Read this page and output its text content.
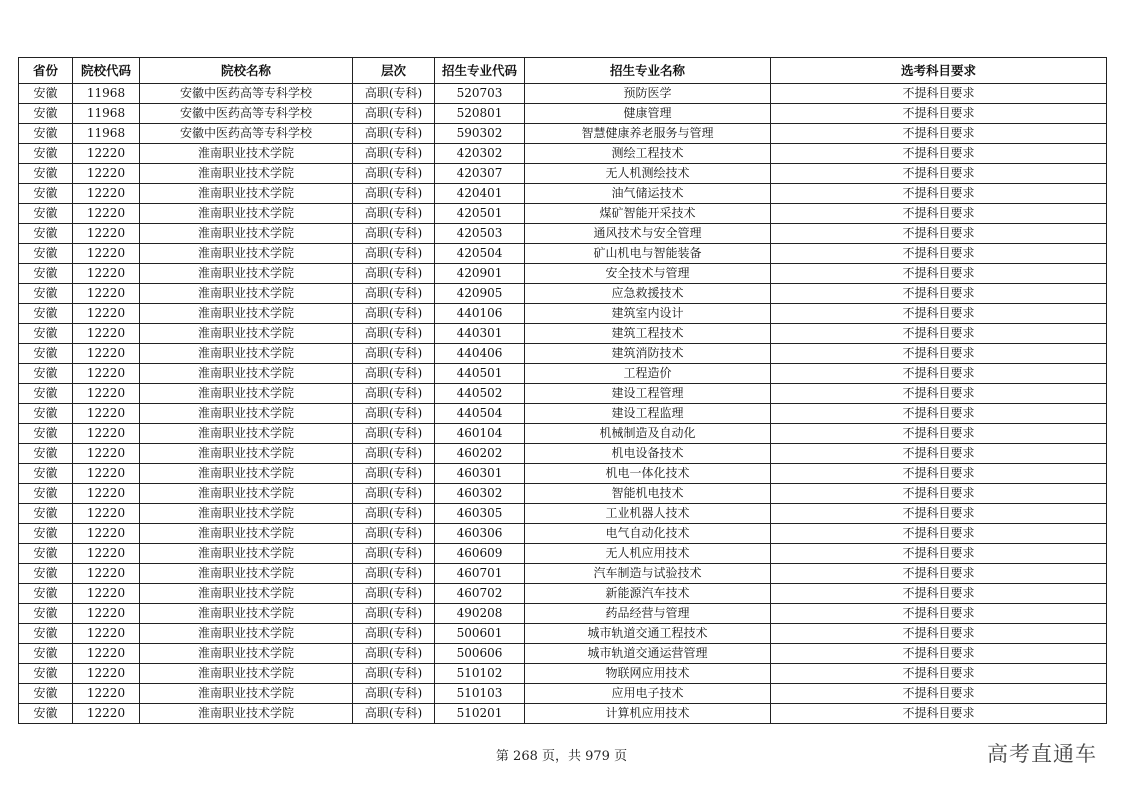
省份	院校代码	院校名称	层次	招生专业代码	招生专业名称	选考科目要求
安徽	11968	安徽中医药高等专科学校	高职(专科)	520703	预防医学	不提科目要求
安徽	11968	安徽中医药高等专科学校	高职(专科)	520801	健康管理	不提科目要求
安徽	11968	安徽中医药高等专科学校	高职(专科)	590302	智慧健康养老服务与管理	不提科目要求
安徽	12220	淮南职业技术学院	高职(专科)	420302	测绘工程技术	不提科目要求
安徽	12220	淮南职业技术学院	高职(专科)	420307	无人机测绘技术	不提科目要求
安徽	12220	淮南职业技术学院	高职(专科)	420401	油气储运技术	不提科目要求
安徽	12220	淮南职业技术学院	高职(专科)	420501	煤矿智能开采技术	不提科目要求
安徽	12220	淮南职业技术学院	高职(专科)	420503	通风技术与安全管理	不提科目要求
安徽	12220	淮南职业技术学院	高职(专科)	420504	矿山机电与智能装备	不提科目要求
安徽	12220	淮南职业技术学院	高职(专科)	420901	安全技术与管理	不提科目要求
安徽	12220	淮南职业技术学院	高职(专科)	420905	应急救援技术	不提科目要求
安徽	12220	淮南职业技术学院	高职(专科)	440106	建筑室内设计	不提科目要求
安徽	12220	淮南职业技术学院	高职(专科)	440301	建筑工程技术	不提科目要求
安徽	12220	淮南职业技术学院	高职(专科)	440406	建筑消防技术	不提科目要求
安徽	12220	淮南职业技术学院	高职(专科)	440501	工程造价	不提科目要求
安徽	12220	淮南职业技术学院	高职(专科)	440502	建设工程管理	不提科目要求
安徽	12220	淮南职业技术学院	高职(专科)	440504	建设工程监理	不提科目要求
安徽	12220	淮南职业技术学院	高职(专科)	460104	机械制造及自动化	不提科目要求
安徽	12220	淮南职业技术学院	高职(专科)	460202	机电设备技术	不提科目要求
安徽	12220	淮南职业技术学院	高职(专科)	460301	机电一体化技术	不提科目要求
安徽	12220	淮南职业技术学院	高职(专科)	460302	智能机电技术	不提科目要求
安徽	12220	淮南职业技术学院	高职(专科)	460305	工业机器人技术	不提科目要求
安徽	12220	淮南职业技术学院	高职(专科)	460306	电气自动化技术	不提科目要求
安徽	12220	淮南职业技术学院	高职(专科)	460609	无人机应用技术	不提科目要求
安徽	12220	淮南职业技术学院	高职(专科)	460701	汽车制造与试验技术	不提科目要求
安徽	12220	淮南职业技术学院	高职(专科)	460702	新能源汽车技术	不提科目要求
安徽	12220	淮南职业技术学院	高职(专科)	490208	药品经营与管理	不提科目要求
安徽	12220	淮南职业技术学院	高职(专科)	500601	城市轨道交通工程技术	不提科目要求
安徽	12220	淮南职业技术学院	高职(专科)	500606	城市轨道交通运营管理	不提科目要求
安徽	12220	淮南职业技术学院	高职(专科)	510102	物联网应用技术	不提科目要求
安徽	12220	淮南职业技术学院	高职(专科)	510103	应用电子技术	不提科目要求
安徽	12220	淮南职业技术学院	高职(专科)	510201	计算机应用技术	不提科目要求
第 268 页，共 979 页	高考直通车
